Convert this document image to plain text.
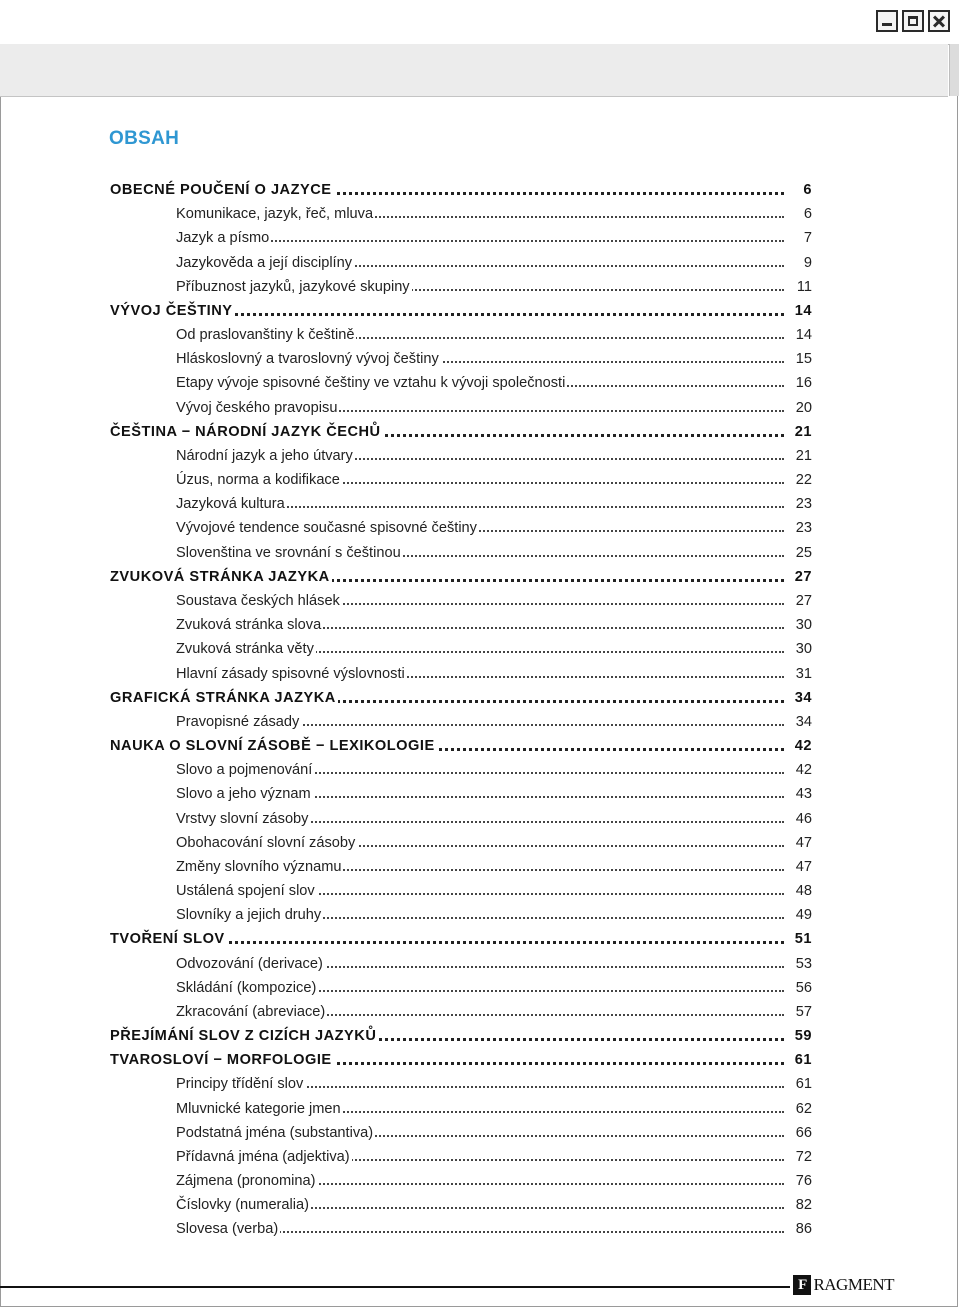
OBSAH
OBECNÉ POUČENÍ O JAZYCE	6
Komunikace, jazyk, řeč, mluva	6
Jazyk a písmo	7
Jazykověda a její disciplíny	9
Příbuznost jazyků, jazykové skupiny	11
VÝVOJ ČEŠTINY	14
Od praslovanštiny k češtině	14
Hláskoslovný a tvaroslovný vývoj češtiny	15
Etapy vývoje spisovné češtiny ve vztahu k vývoji společnosti	16
Vývoj českého pravopisu	20
ČEŠTINA − NÁRODNÍ JAZYK ČECHŮ	21
Národní jazyk a jeho útvary	21
Úzus, norma a kodifikace	22
Jazyková kultura	23
Vývojové tendence současné spisovné češtiny	23
Slovenština ve srovnání s češtinou	25
ZVUKOVÁ STRÁNKA JAZYKA	27
Soustava českých hlásek	27
Zvuková stránka slova	30
Zvuková stránka věty	30
Hlavní zásady spisovné výslovnosti	31
GRAFICKÁ STRÁNKA JAZYKA	34
Pravopisné zásady	34
NAUKA O SLOVNÍ ZÁSOBĚ − LEXIKOLOGIE	42
Slovo a pojmenování	42
Slovo a jeho význam	43
Vrstvy slovní zásoby	46
Obohacování slovní zásoby	47
Změny slovního významu	47
Ustálená spojení slov	48
Slovníky a jejich druhy	49
TVOŘENÍ SLOV	51
Odvozování (derivace)	53
Skládání (kompozice)	56
Zkracování (abreviace)	57
PŘEJÍMÁNÍ SLOV Z CIZÍCH JAZYKŮ	59
TVAROSLOVÍ − MORFOLOGIE	61
Principy třídění slov	61
Mluvnické kategorie jmen	62
Podstatná jména (substantiva)	66
Přídavná jména (adjektiva)	72
Zájmena (pronomina)	76
Číslovky (numeralia)	82
Slovesa (verba)	86
F RAGMENT
